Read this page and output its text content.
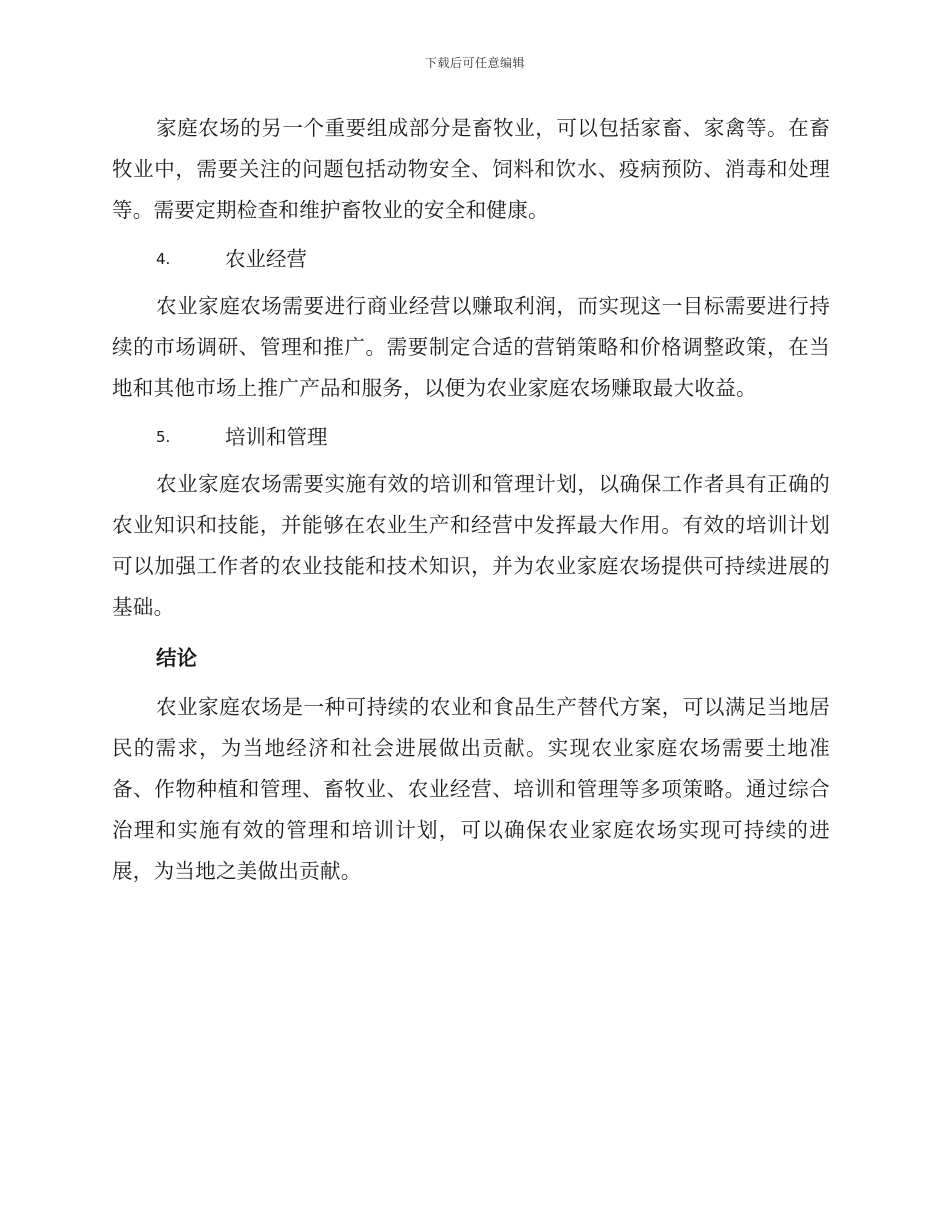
下载后可任意编辑

家庭农场的另一个重要组成部分是畜牧业，可以包括家畜、家禽等。在畜牧业中，需要关注的问题包括动物安全、饲料和饮水、疫病预防、消毒和处理等。需要定期检查和维护畜牧业的安全和健康。

4.	农业经营

农业家庭农场需要进行商业经营以赚取利润，而实现这一目标需要进行持续的市场调研、管理和推广。需要制定合适的营销策略和价格调整政策，在当地和其他市场上推广产品和服务，以便为农业家庭农场赚取最大收益。

5.	培训和管理

农业家庭农场需要实施有效的培训和管理计划，以确保工作者具有正确的农业知识和技能，并能够在农业生产和经营中发挥最大作用。有效的培训计划可以加强工作者的农业技能和技术知识，并为农业家庭农场提供可持续进展的基础。

结论

农业家庭农场是一种可持续的农业和食品生产替代方案，可以满足当地居民的需求，为当地经济和社会进展做出贡献。实现农业家庭农场需要土地准备、作物种植和管理、畜牧业、农业经营、培训和管理等多项策略。通过综合治理和实施有效的管理和培训计划，可以确保农业家庭农场实现可持续的进展，为当地之美做出贡献。
